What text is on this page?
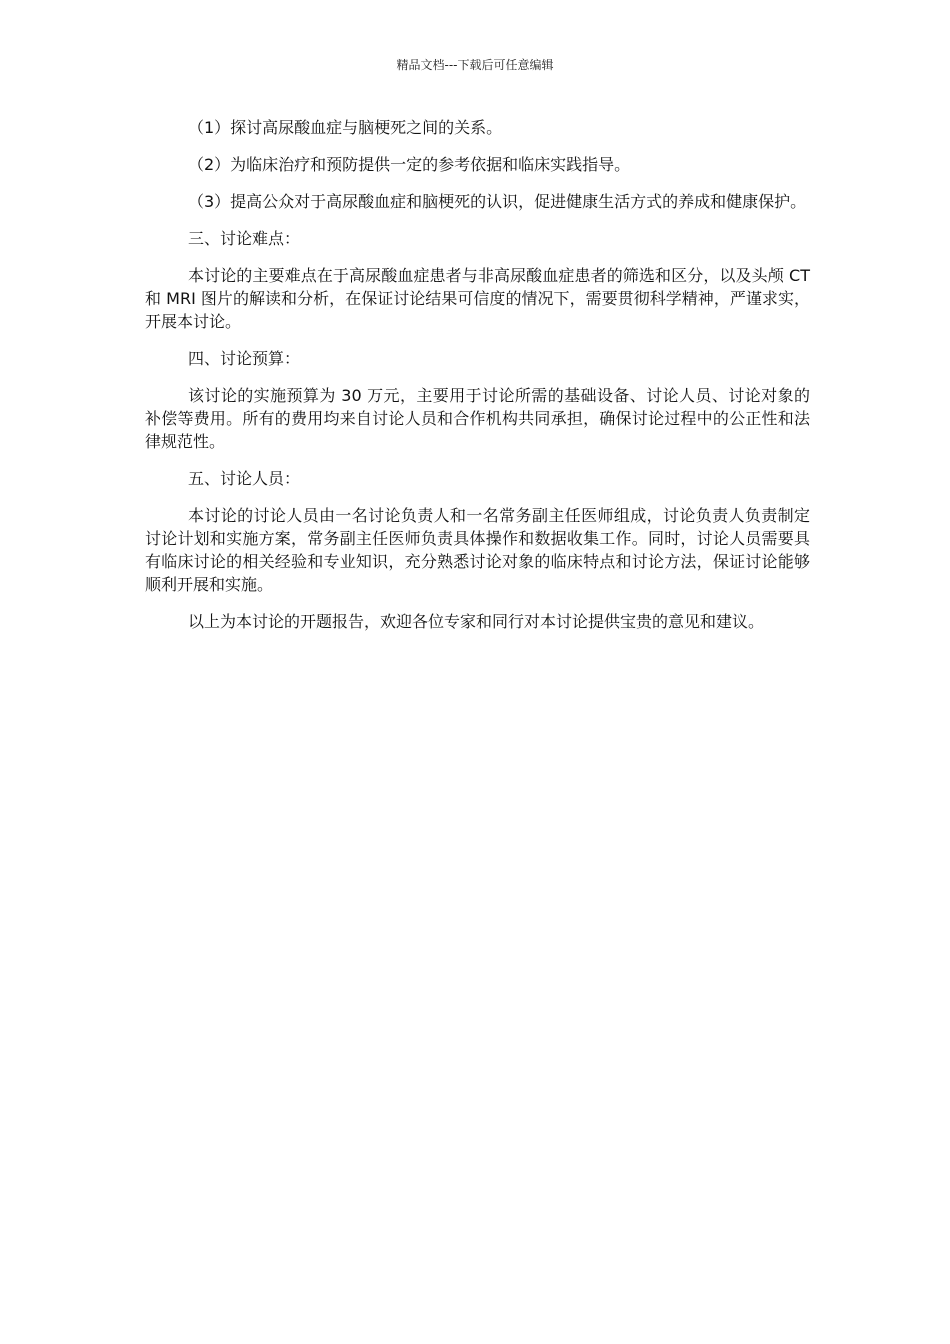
精品文档---下载后可任意编辑

（1）探讨高尿酸血症与脑梗死之间的关系。

（2）为临床治疗和预防提供一定的参考依据和临床实践指导。

（3）提高公众对于高尿酸血症和脑梗死的认识，促进健康生活方式的养成和健康保护。

三、讨论难点：

本讨论的主要难点在于高尿酸血症患者与非高尿酸血症患者的筛选和区分，以及头颅 CT 和 MRI 图片的解读和分析，在保证讨论结果可信度的情况下，需要贯彻科学精神，严谨求实，开展本讨论。

四、讨论预算：

该讨论的实施预算为 30 万元，主要用于讨论所需的基础设备、讨论人员、讨论对象的补偿等费用。所有的费用均来自讨论人员和合作机构共同承担，确保讨论过程中的公正性和法律规范性。

五、讨论人员：

本讨论的讨论人员由一名讨论负责人和一名常务副主任医师组成，讨论负责人负责制定讨论计划和实施方案，常务副主任医师负责具体操作和数据收集工作。同时，讨论人员需要具有临床讨论的相关经验和专业知识，充分熟悉讨论对象的临床特点和讨论方法，保证讨论能够顺利开展和实施。

以上为本讨论的开题报告，欢迎各位专家和同行对本讨论提供宝贵的意见和建议。
